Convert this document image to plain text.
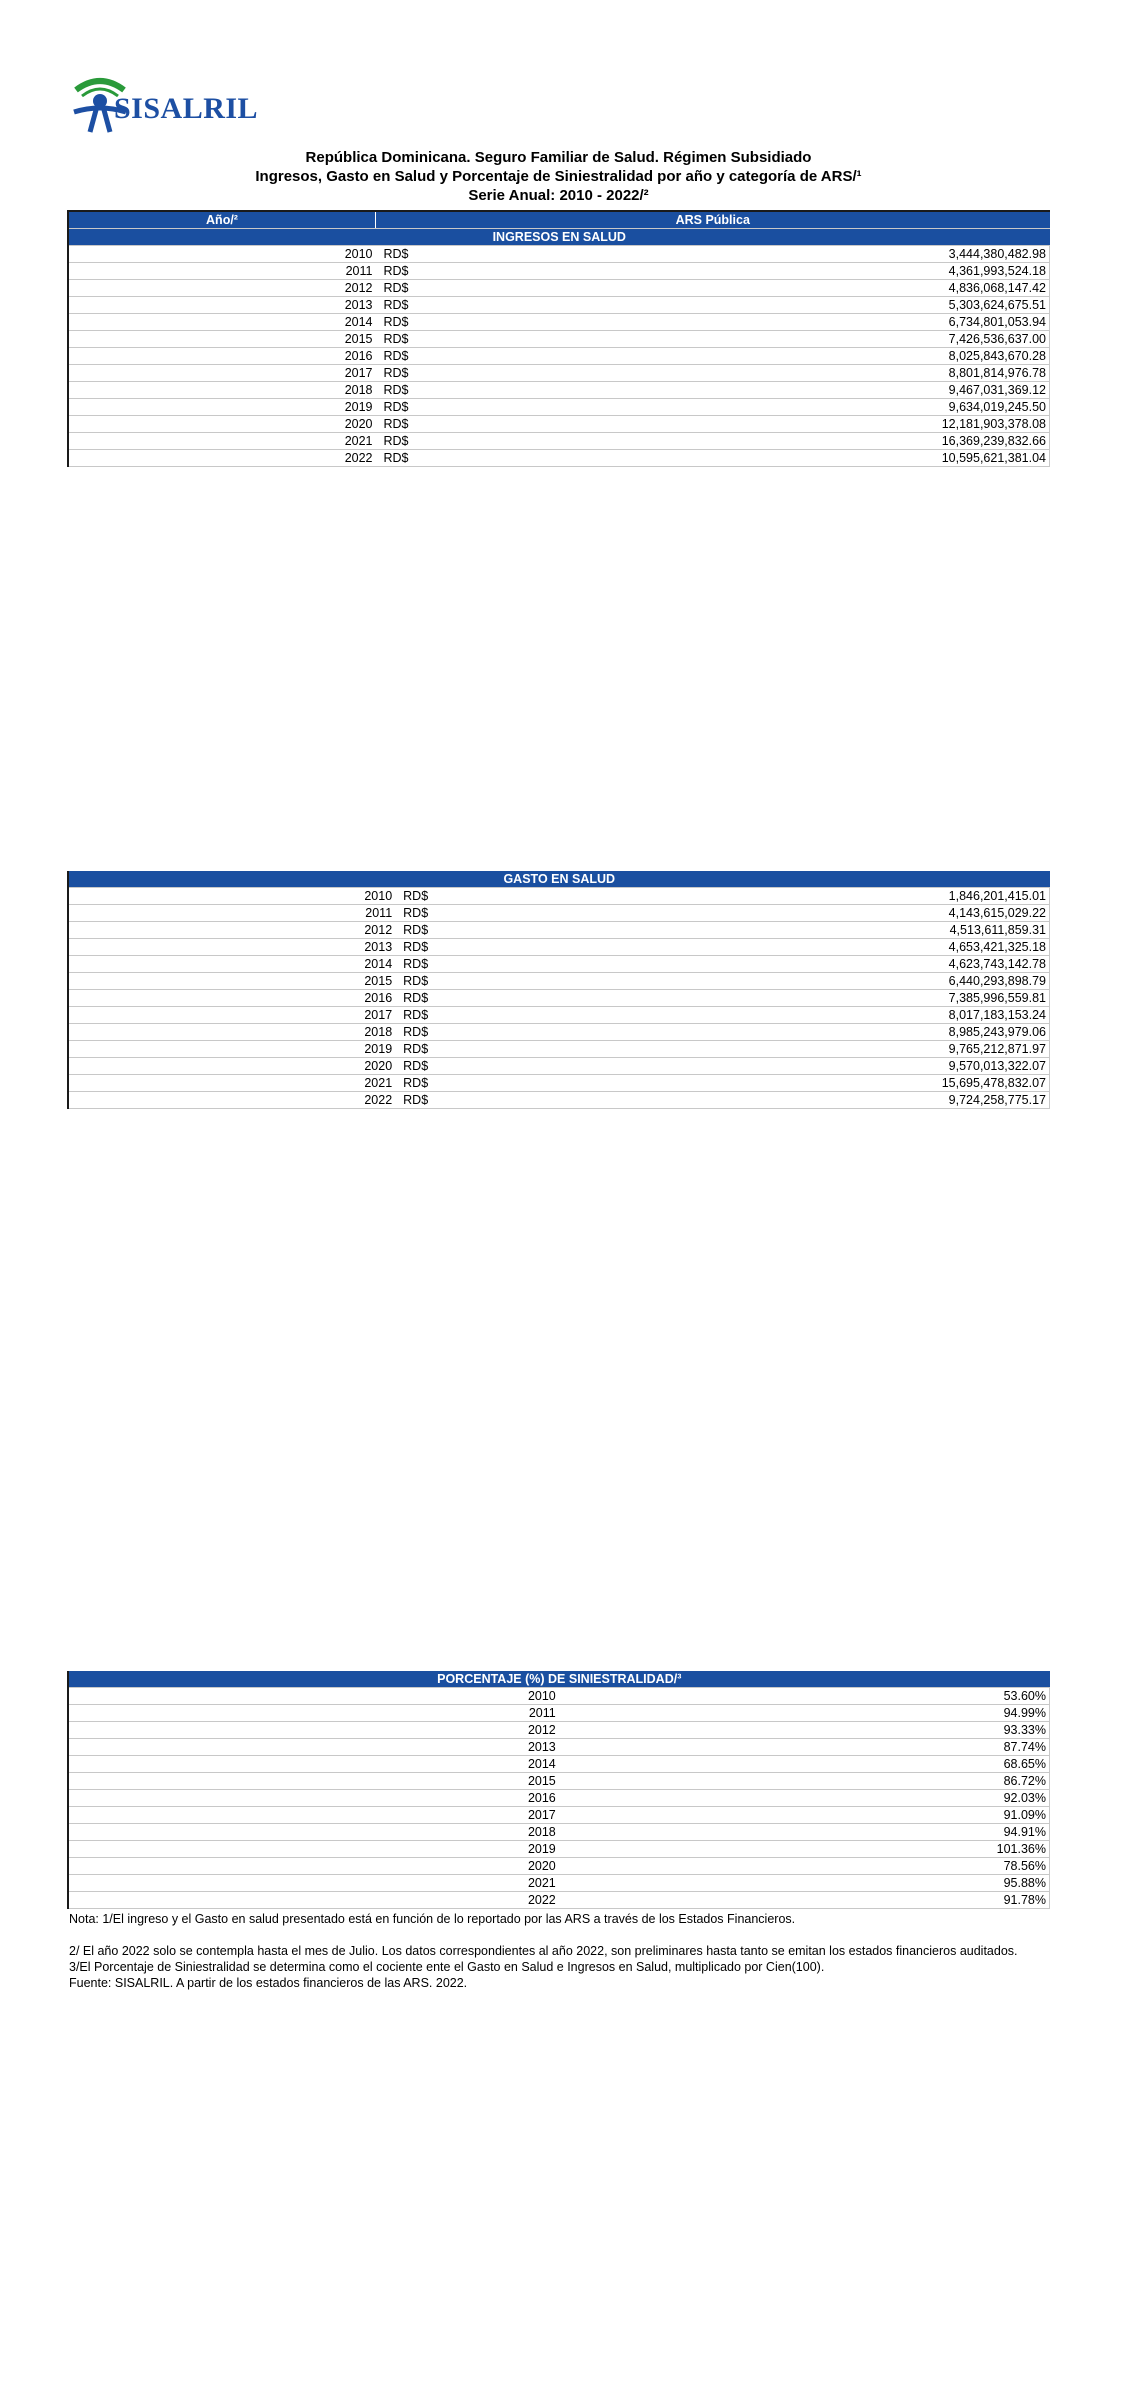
SISALRIL
República Dominicana. Seguro Familiar de Salud. Régimen Subsidiado
Ingresos, Gasto en Salud y Porcentaje de Siniestralidad por año y categoría de ARS/¹
Serie Anual: 2010 - 2022/²
Año/²	ARS Pública	
INGRESOS EN SALUD		
2010	RD$	3,444,380,482.98
2011	RD$	4,361,993,524.18
2012	RD$	4,836,068,147.42
2013	RD$	5,303,624,675.51
2014	RD$	6,734,801,053.94
2015	RD$	7,426,536,637.00
2016	RD$	8,025,843,670.28
2017	RD$	8,801,814,976.78
2018	RD$	9,467,031,369.12
2019	RD$	9,634,019,245.50
2020	RD$	12,181,903,378.08
2021	RD$	16,369,239,832.66
2022	RD$	10,595,621,381.04
GASTO EN SALUD		
2010	RD$	1,846,201,415.01
2011	RD$	4,143,615,029.22
2012	RD$	4,513,611,859.31
2013	RD$	4,653,421,325.18
2014	RD$	4,623,743,142.78
2015	RD$	6,440,293,898.79
2016	RD$	7,385,996,559.81
2017	RD$	8,017,183,153.24
2018	RD$	8,985,243,979.06
2019	RD$	9,765,212,871.97
2020	RD$	9,570,013,322.07
2021	RD$	15,695,478,832.07
2022	RD$	9,724,258,775.17
PORCENTAJE (%) DE SINIESTRALIDAD/³	
2010	53.60%
2011	94.99%
2012	93.33%
2013	87.74%
2014	68.65%
2015	86.72%
2016	92.03%
2017	91.09%
2018	94.91%
2019	101.36%
2020	78.56%
2021	95.88%
2022	91.78%
Nota: 1/El ingreso y el Gasto en salud presentado está en función de lo reportado por las ARS a través de los Estados Financieros.
2/ El año 2022 solo se contempla hasta el mes de Julio. Los datos correspondientes al año 2022, son preliminares hasta tanto se emitan los estados financieros auditados.
3/El Porcentaje de Siniestralidad se determina como el cociente ente el Gasto en Salud e Ingresos en Salud, multiplicado por Cien(100).
Fuente: SISALRIL. A partir de los estados financieros de las ARS. 2022.
